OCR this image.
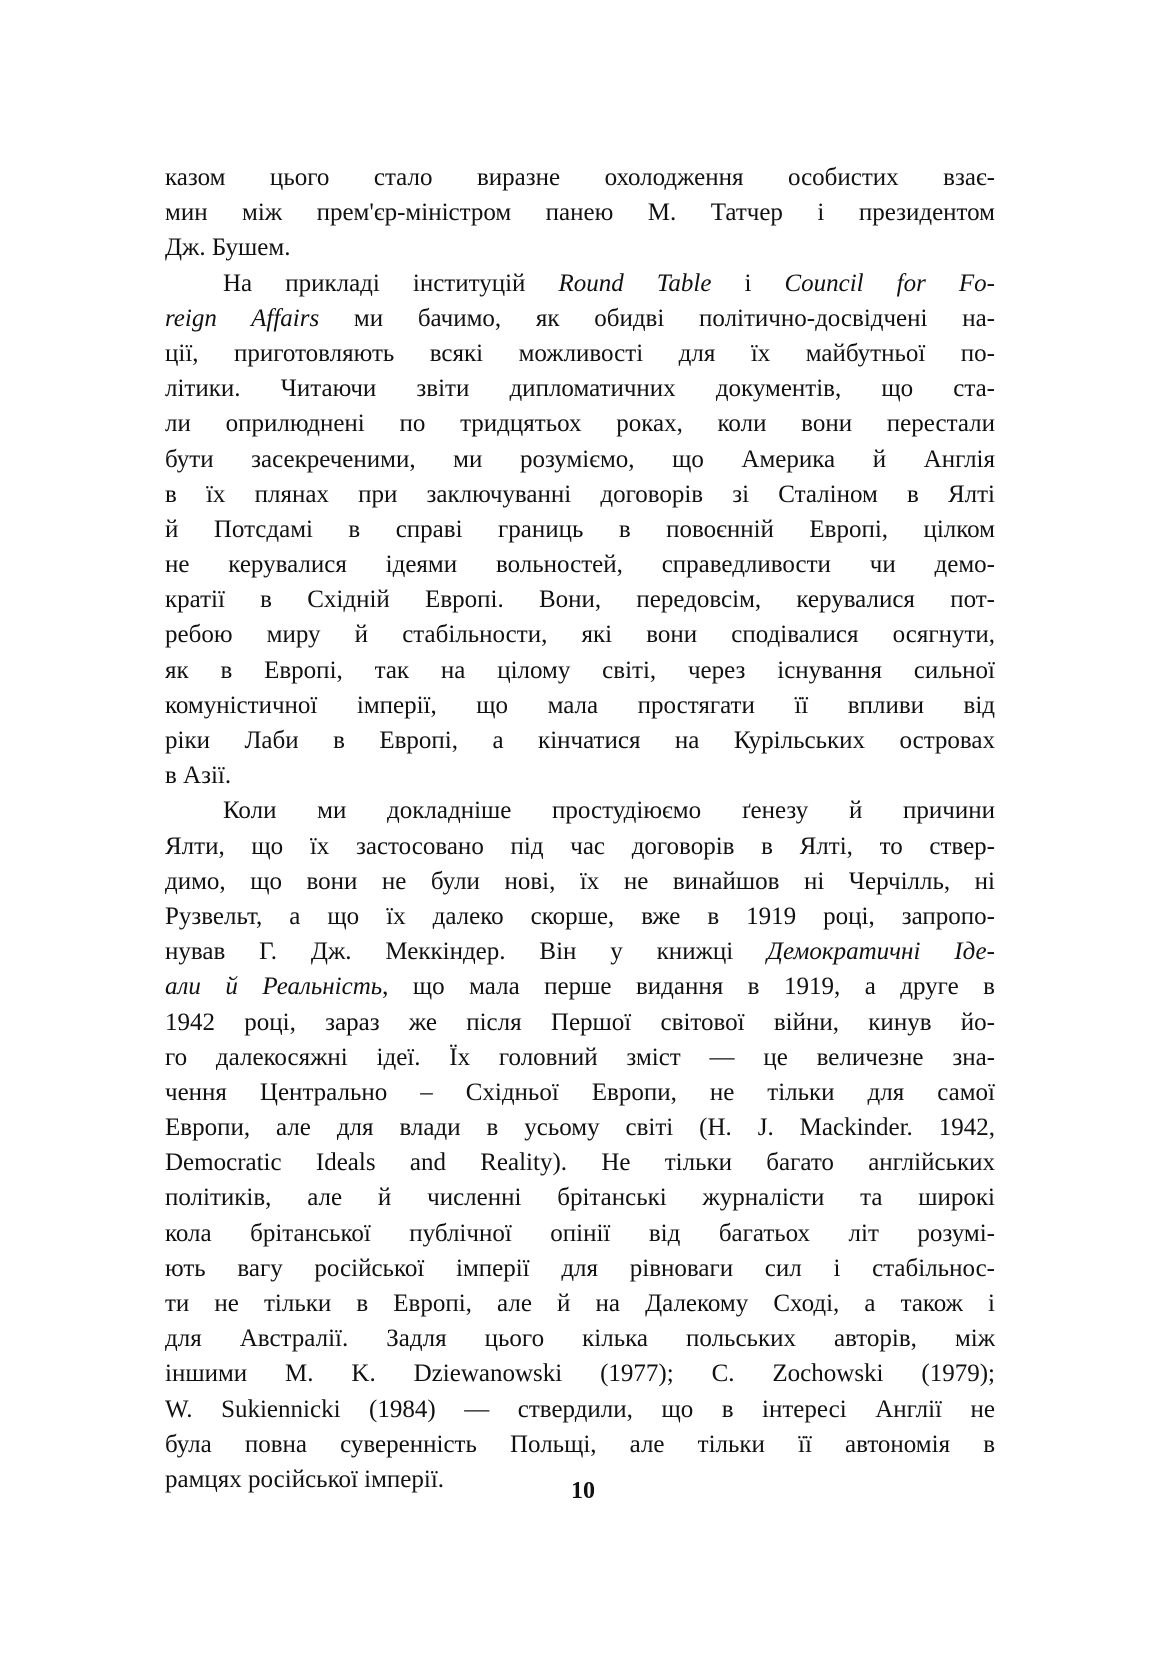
казом цього стало виразне охолодження особистих взає-
мин між прем'єр-міністром панею М. Татчер і президентом
Дж. Бушем.
На прикладі інституцій Round Table і Council for Fo-
reign Affairs ми бачимо, як обидві політично-досвідчені на-
ції, приготовляють всякі можливості для їх майбутньої по-
літики. Читаючи звіти дипломатичних документів, що ста-
ли оприлюднені по тридцятьох роках, коли вони перестали
бути засекреченими, ми розуміємо, що Америка й Англія
в їх плянах при заключуванні договорів зі Сталіном в Ялті
й Потсдамі в справі границь в повоєнній Европі, цілком
не керувалися ідеями вольностей, справедливости чи демо-
кратії в Східній Европі. Вони, передовсім, керувалися пот-
ребою миру й стабільности, які вони сподівалися осягнути,
як в Европі, так на цілому світі, через існування сильної
комуністичної імперії, що мала простягати її впливи від
ріки Лаби в Европі, а кінчатися на Курільських островах
в Азії.
Коли ми докладніше простудіюємо ґенезу й причини
Ялти, що їх застосовано під час договорів в Ялті, то ствер-
димо, що вони не були нові, їх не винайшов ні Черчілль, ні
Рузвельт, а що їх далеко скорше, вже в 1919 році, запропо-
нував Г. Дж. Меккіндер. Він у книжці Демократичні Іде-
али й Реальність, що мала перше видання в 1919, а друге в
1942 році, зараз же після Першої світової війни, кинув йо-
го далекосяжні ідеї. Їх головний зміст — це величезне зна-
чення Центрально – Східньої Европи, не тільки для самої
Европи, але для влади в усьому світі (H. J. Mackinder. 1942,
Democratic Ideals and Reality). Не тільки багато англійських
політиків, але й численні брітанські журналісти та широкі
кола брітанської публічної опінії від багатьох літ розумі-
ють вагу російської імперії для рівноваги сил і стабільнос-
ти не тільки в Европі, але й на Далекому Сході, а також і
для Австралії. Задля цього кілька польських авторів, між
іншими M. K. Dziewanowski (1977); C. Zochowski (1979);
W. Sukiennicki (1984) — ствердили, що в інтересі Англії не
була повна суверенність Польщі, але тільки її автономія в
рамцях російської імперії.	10
